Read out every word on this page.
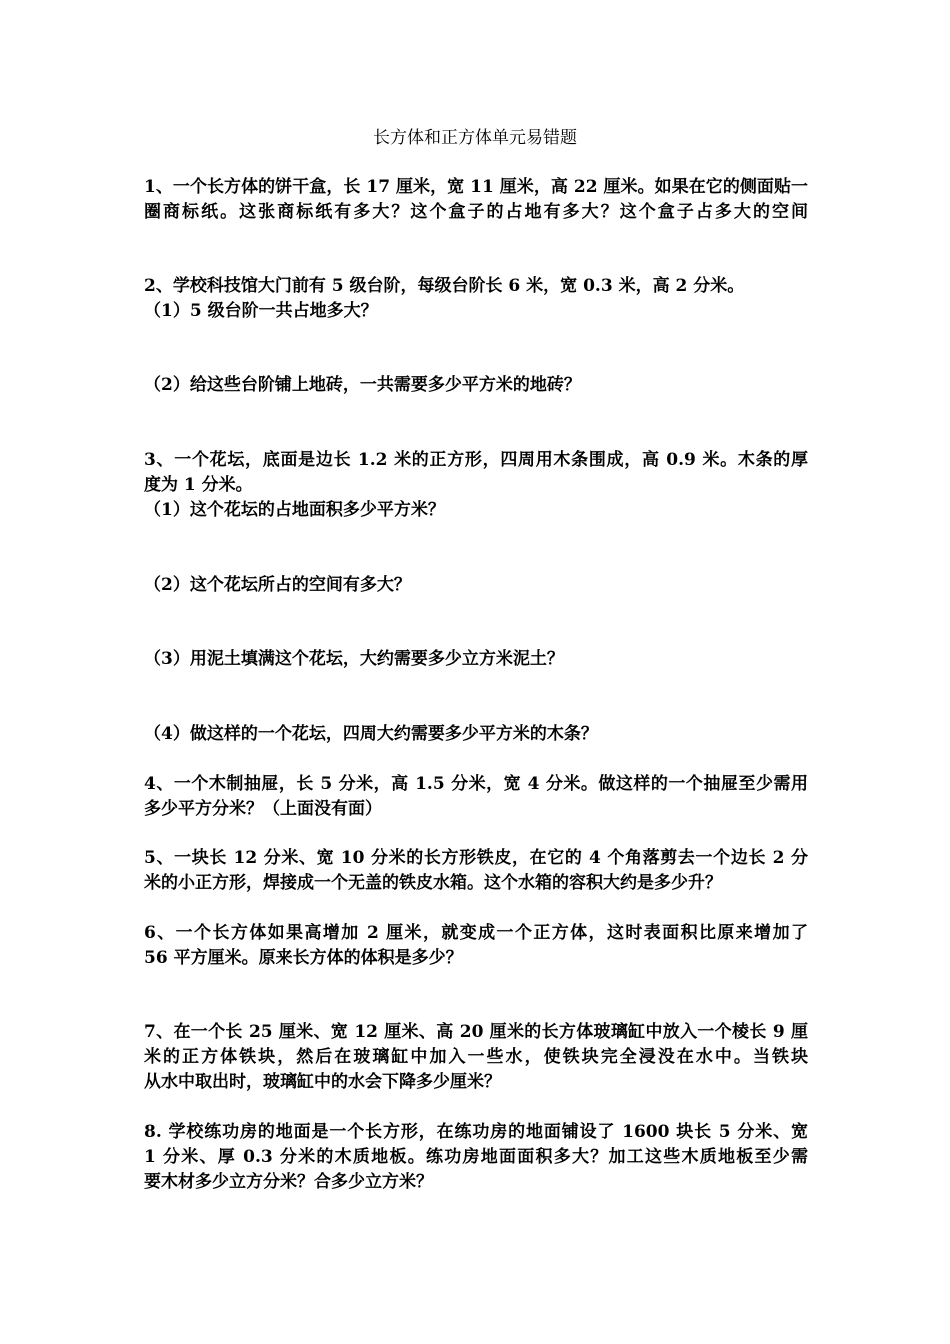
长方体和正方体单元易错题
1、一个长方体的饼干盒，长 17 厘米，宽 11 厘米，高 22 厘米。如果在它的侧面贴一
圈商标纸。这张商标纸有多大？这个盒子的占地有多大？这个盒子占多大的空间
2、学校科技馆大门前有 5 级台阶，每级台阶长 6 米，宽 0.3 米，高 2 分米。
（1）5 级台阶一共占地多大？
（2）给这些台阶铺上地砖，一共需要多少平方米的地砖？
3、一个花坛，底面是边长 1.2 米的正方形，四周用木条围成，高 0.9 米。木条的厚
度为 1 分米。
（1）这个花坛的占地面积多少平方米？
（2）这个花坛所占的空间有多大？
（3）用泥土填满这个花坛，大约需要多少立方米泥土？
（4）做这样的一个花坛，四周大约需要多少平方米的木条？
4、一个木制抽屉，长 5 分米，高 1.5 分米，宽 4 分米。做这样的一个抽屉至少需用
多少平方分米？（上面没有面）
5、一块长 12 分米、宽 10 分米的长方形铁皮，在它的 4 个角落剪去一个边长 2 分
米的小正方形，焊接成一个无盖的铁皮水箱。这个水箱的容积大约是多少升？
6、一个长方体如果高增加 2 厘米，就变成一个正方体，这时表面积比原来增加了
56 平方厘米。原来长方体的体积是多少？
7、在一个长 25 厘米、宽 12 厘米、高 20 厘米的长方体玻璃缸中放入一个棱长 9 厘
米的正方体铁块，然后在玻璃缸中加入一些水，使铁块完全浸没在水中。当铁块
从水中取出时，玻璃缸中的水会下降多少厘米？
8. 学校练功房的地面是一个长方形，在练功房的地面铺设了 1600 块长 5 分米、宽
1 分米、厚 0.3 分米的木质地板。练功房地面面积多大？加工这些木质地板至少需
要木材多少立方分米？合多少立方米？
